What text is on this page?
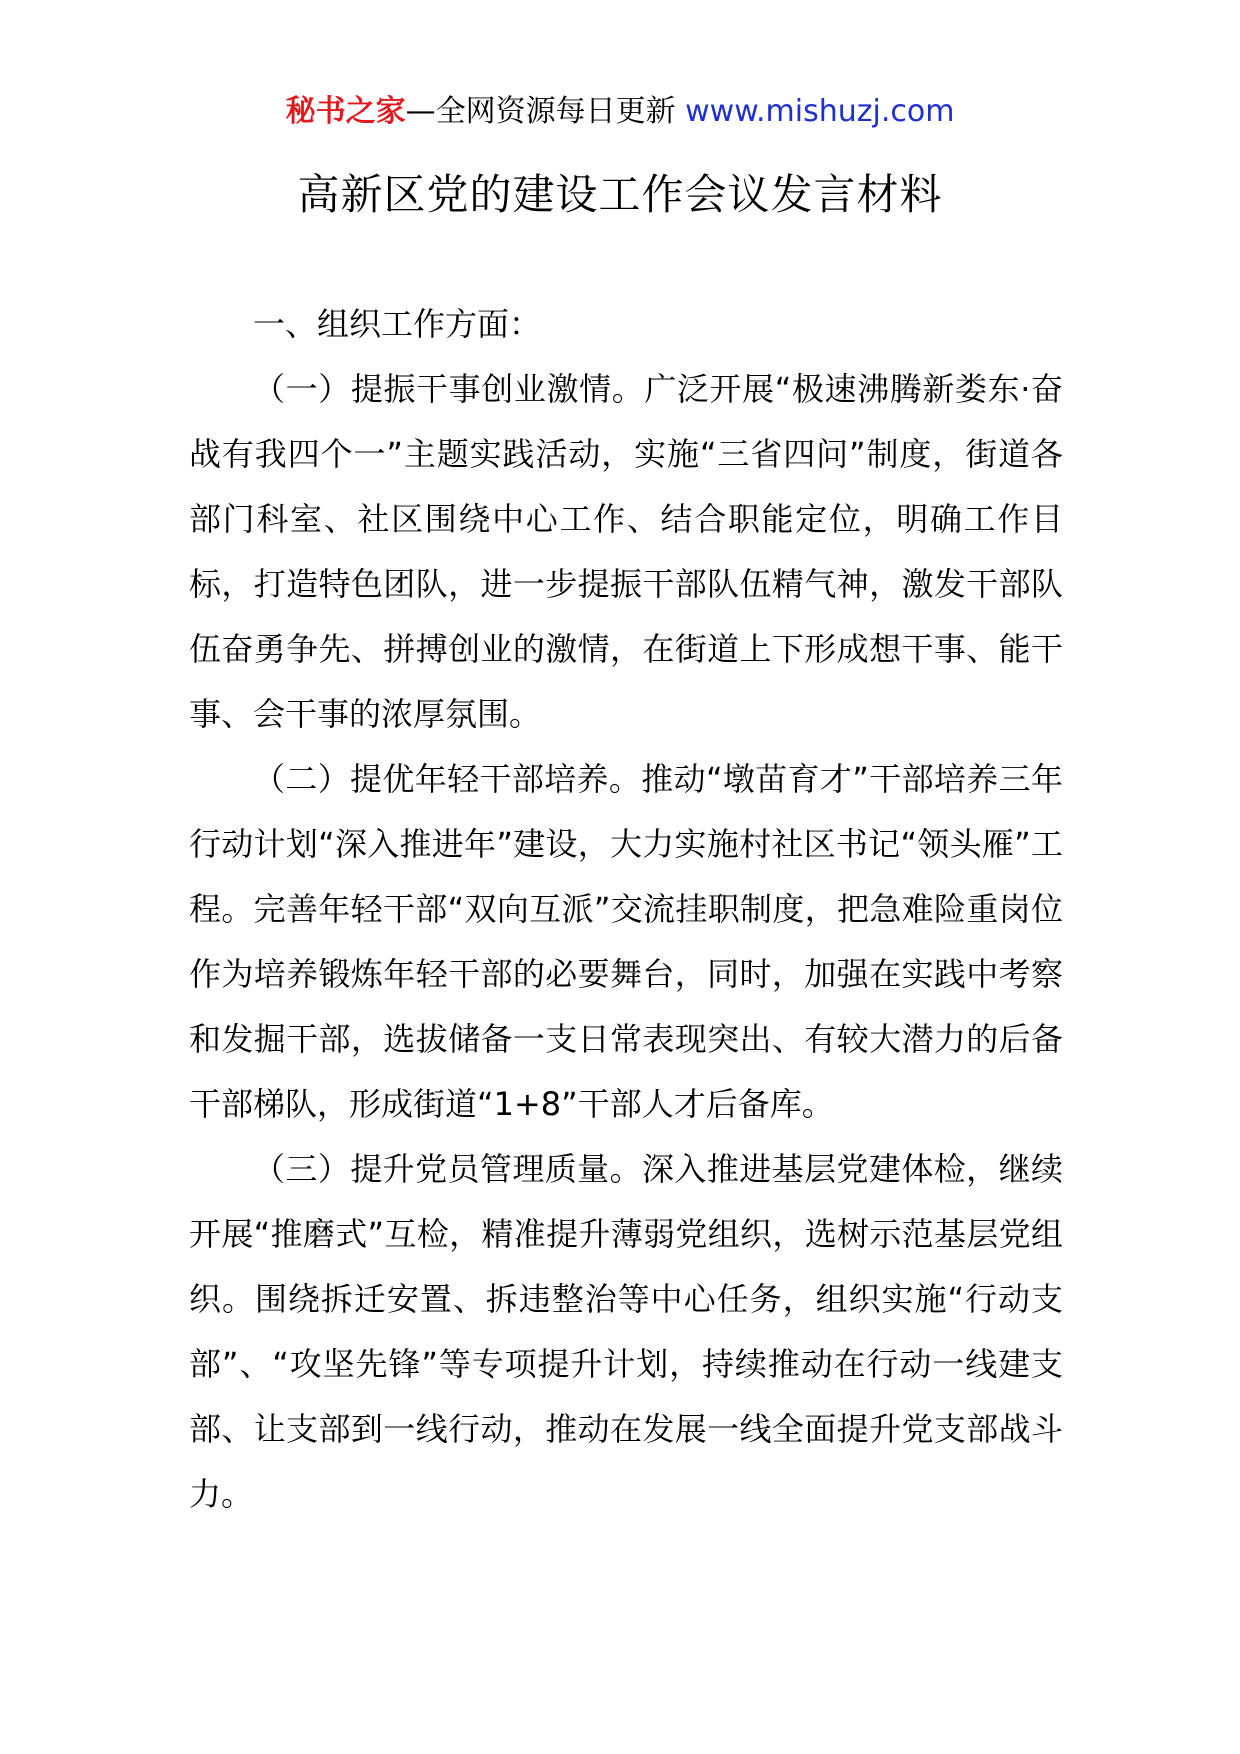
秘书之家—全网资源每日更新 www.mishuzj.com
高新区党的建设工作会议发言材料

一、组织工作方面：

（一）提振干事创业激情。广泛开展“极速沸腾新娄东·奋战有我四个一”主题实践活动，实施“三省四问”制度，街道各部门科室、社区围绕中心工作、结合职能定位，明确工作目标，打造特色团队，进一步提振干部队伍精气神，激发干部队伍奋勇争先、拼搏创业的激情，在街道上下形成想干事、能干事、会干事的浓厚氛围。

（二）提优年轻干部培养。推动“墩苗育才”干部培养三年行动计划“深入推进年”建设，大力实施村社区书记“领头雁”工程。完善年轻干部“双向互派”交流挂职制度，把急难险重岗位作为培养锻炼年轻干部的必要舞台，同时，加强在实践中考察和发掘干部，选拔储备一支日常表现突出、有较大潜力的后备干部梯队，形成街道“1+8”干部人才后备库。

（三）提升党员管理质量。深入推进基层党建体检，继续开展“推磨式”互检，精准提升薄弱党组织，选树示范基层党组织。围绕拆迁安置、拆违整治等中心任务，组织实施“行动支部”、“攻坚先锋”等专项提升计划，持续推动在行动一线建支部、让支部到一线行动，推动在发展一线全面提升党支部战斗力。
